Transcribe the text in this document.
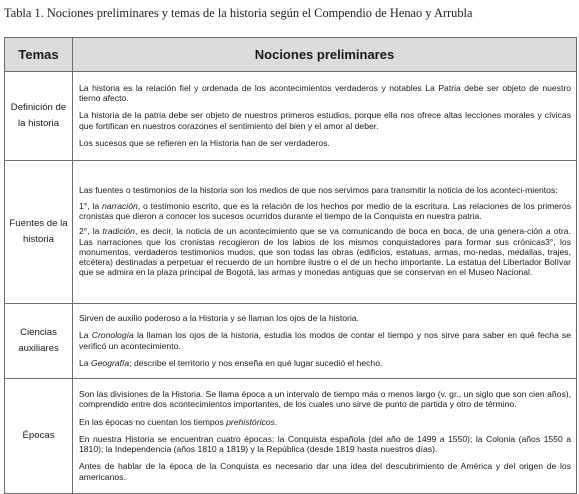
Tabla 1. Nociones preliminares y temas de la historia según el Compendio de Henao y Arrubla
Temas	Nociones preliminares
Definición de la historia	La historia es la relación fiel y ordenada de los acontecimientos verdaderos y notables La Patria debe ser objeto de nuestro tierno afecto.

La historia de la patria debe ser objeto de nuestros primeros estudios, porque ella nos ofrece altas lecciones morales y cívicas que fortifican en nuestros corazones el sentimiento del bien y el amor al deber.

Los sucesos que se refieren en la Historia han de ser verdaderos.

Fuentes de la historia	Las fuentes o testimonios de la historia son los medios de que nos servimos para transmitir la noticia de los aconteci-mientos:

1°, la narración, o testimonio escrito, que es la relación de los hechos por medio de la escritura. Las relaciones de los primeros cronistas que dieron a conocer los sucesos ocurridos durante el tiempo de la Conquista en nuestra patria.

2°, la tradición, es decir, la noticia de un acontecimiento que se va comunicando de boca en boca, de una genera-ción a otra. Las narraciones que los cronistas recogieron de los labios de los mismos conquistadores para formar sus crónicas3°, los monumentos, verdaderos testimonios mudos, que son todas las obras (edificios, estatuas, armas, mo-nedas, medallas, trajes, etcétera) destinadas a perpetuar el recuerdo de un hombre ilustre o el de un hecho importante. La estatua del Libertador Bolívar que se admira en la plaza principal de Bogotá, las armas y monedas antiguas que se conservan en el Museo Nacional.

Ciencias auxiliares	Sirven de auxilio poderoso a la Historia y se llaman los ojos de la historia.

La Cronología la llaman los ojos de la historia, estudia los modos de contar el tiempo y nos sirve para saber en qué fecha se verificó un acontecimiento.

La Geografía; describe el territorio y nos enseña en qué lugar sucedió el hecho.

Épocas	Son las divisiones de la Historia. Se llama época a un intervalo de tiempo más o menos largo (v. gr., un siglo que son cien años), comprendido entre dos acontecimientos importantes, de los cuales uno sirve de punto de partida y otro de término.

En las épocas no cuentan los tiempos prehistóricos.

En nuestra Historia se encuentran cuatro épocas: la Conquista española (del año de 1499 a 1550); la Colonia (años 1550 a 1810); la Independencia (años 1810 a 1819) y la República (desde 1819 hasta nuestros días).

Antes de hablar de la época de la Conquista es necesario dar una idea del descubrimiento de América y del origen de los americanos.
